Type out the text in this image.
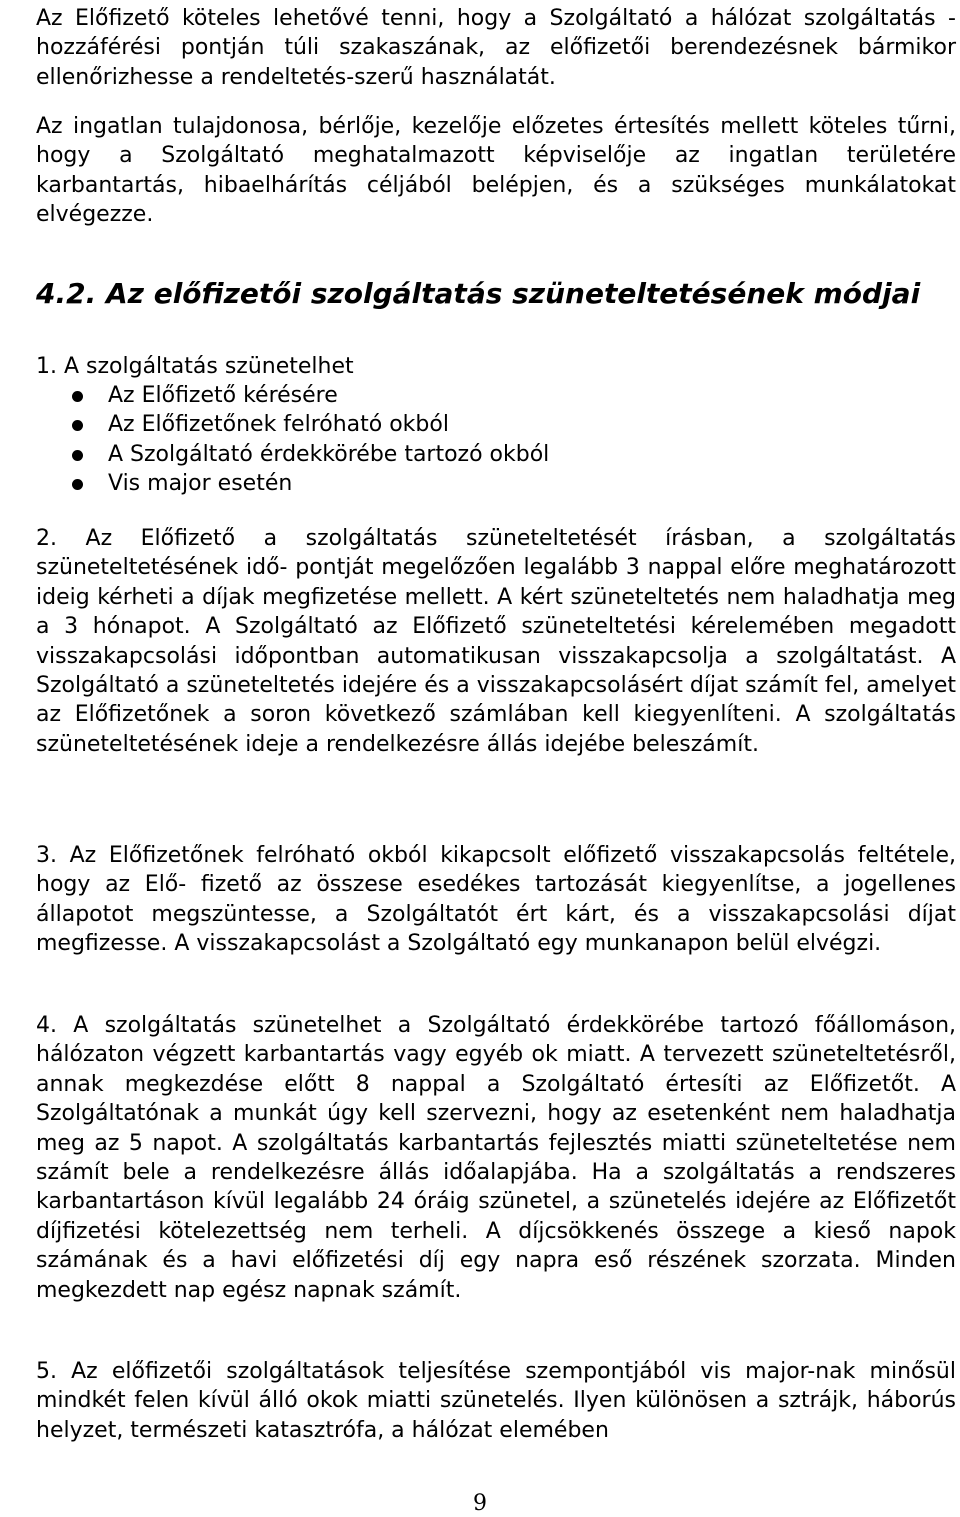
Az Előfizető köteles lehetővé tenni, hogy a Szolgáltató a hálózat szolgáltatás - hozzáférési pontján túli szakaszának, az előfizetői berendezésnek bármikor ellenőrizhesse a rendeltetés-szerű használatát.

Az ingatlan tulajdonosa, bérlője, kezelője előzetes értesítés mellett köteles tűrni, hogy a Szolgáltató meghatalmazott képviselője az ingatlan területére karbantartás, hibaelhárítás céljából belépjen, és a szükséges munkálatokat elvégezze.

4.2. Az előfizetői szolgáltatás szüneteltetésének módjai

1. A szolgáltatás szünetelhet

Az Előfizető kérésére
Az Előfizetőnek felróható okból
A Szolgáltató érdekkörébe tartozó okból
Vis major esetén

2. Az Előfizető a szolgáltatás szüneteltetését írásban, a szolgáltatás szüneteltetésének idő- pontját megelőzően legalább 3 nappal előre meghatározott ideig kérheti a díjak megfizetése mellett. A kért szüneteltetés nem haladhatja meg a 3 hónapot. A Szolgáltató az Előfizető szüneteltetési kérelemében megadott visszakapcsolási időpontban automatikusan visszakapcsolja a szolgáltatást. A Szolgáltató a szüneteltetés idejére és a visszakapcsolásért díjat számít fel, amelyet az Előfizetőnek a soron következő számlában kell kiegyenlíteni. A szolgáltatás szüneteltetésének ideje a rendelkezésre állás idejébe beleszámít.

3. Az Előfizetőnek felróható okból kikapcsolt előfizető visszakapcsolás feltétele, hogy az Elő- fizető az összese esedékes tartozását kiegyenlítse, a jogellenes állapotot megszüntesse, a Szolgáltatót ért kárt, és a visszakapcsolási díjat megfizesse. A visszakapcsolást a Szolgáltató egy munkanapon belül elvégzi.

4. A szolgáltatás szünetelhet a Szolgáltató érdekkörébe tartozó főállomáson, hálózaton végzett karbantartás vagy egyéb ok miatt. A tervezett szüneteltetésről, annak megkezdése előtt 8 nappal a Szolgáltató értesíti az Előfizetőt. A Szolgáltatónak a munkát úgy kell szervezni, hogy az esetenként nem haladhatja meg az 5 napot. A szolgáltatás karbantartás fejlesztés miatti szüneteltetése nem számít bele a rendelkezésre állás időalapjába. Ha a szolgáltatás a rendszeres karbantartáson kívül legalább 24 óráig szünetel, a szünetelés idejére az Előfizetőt díjfizetési kötelezettség nem terheli. A díjcsökkenés összege a kieső napok számának és a havi előfizetési díj egy napra eső részének szorzata. Minden megkezdett nap egész napnak számít.

5. Az előfizetői szolgáltatások teljesítése szempontjából vis major-nak minősül mindkét felen kívül álló okok miatti szünetelés. Ilyen különösen a sztrájk, háborús helyzet, természeti katasztrófa, a hálózat elemében

9
